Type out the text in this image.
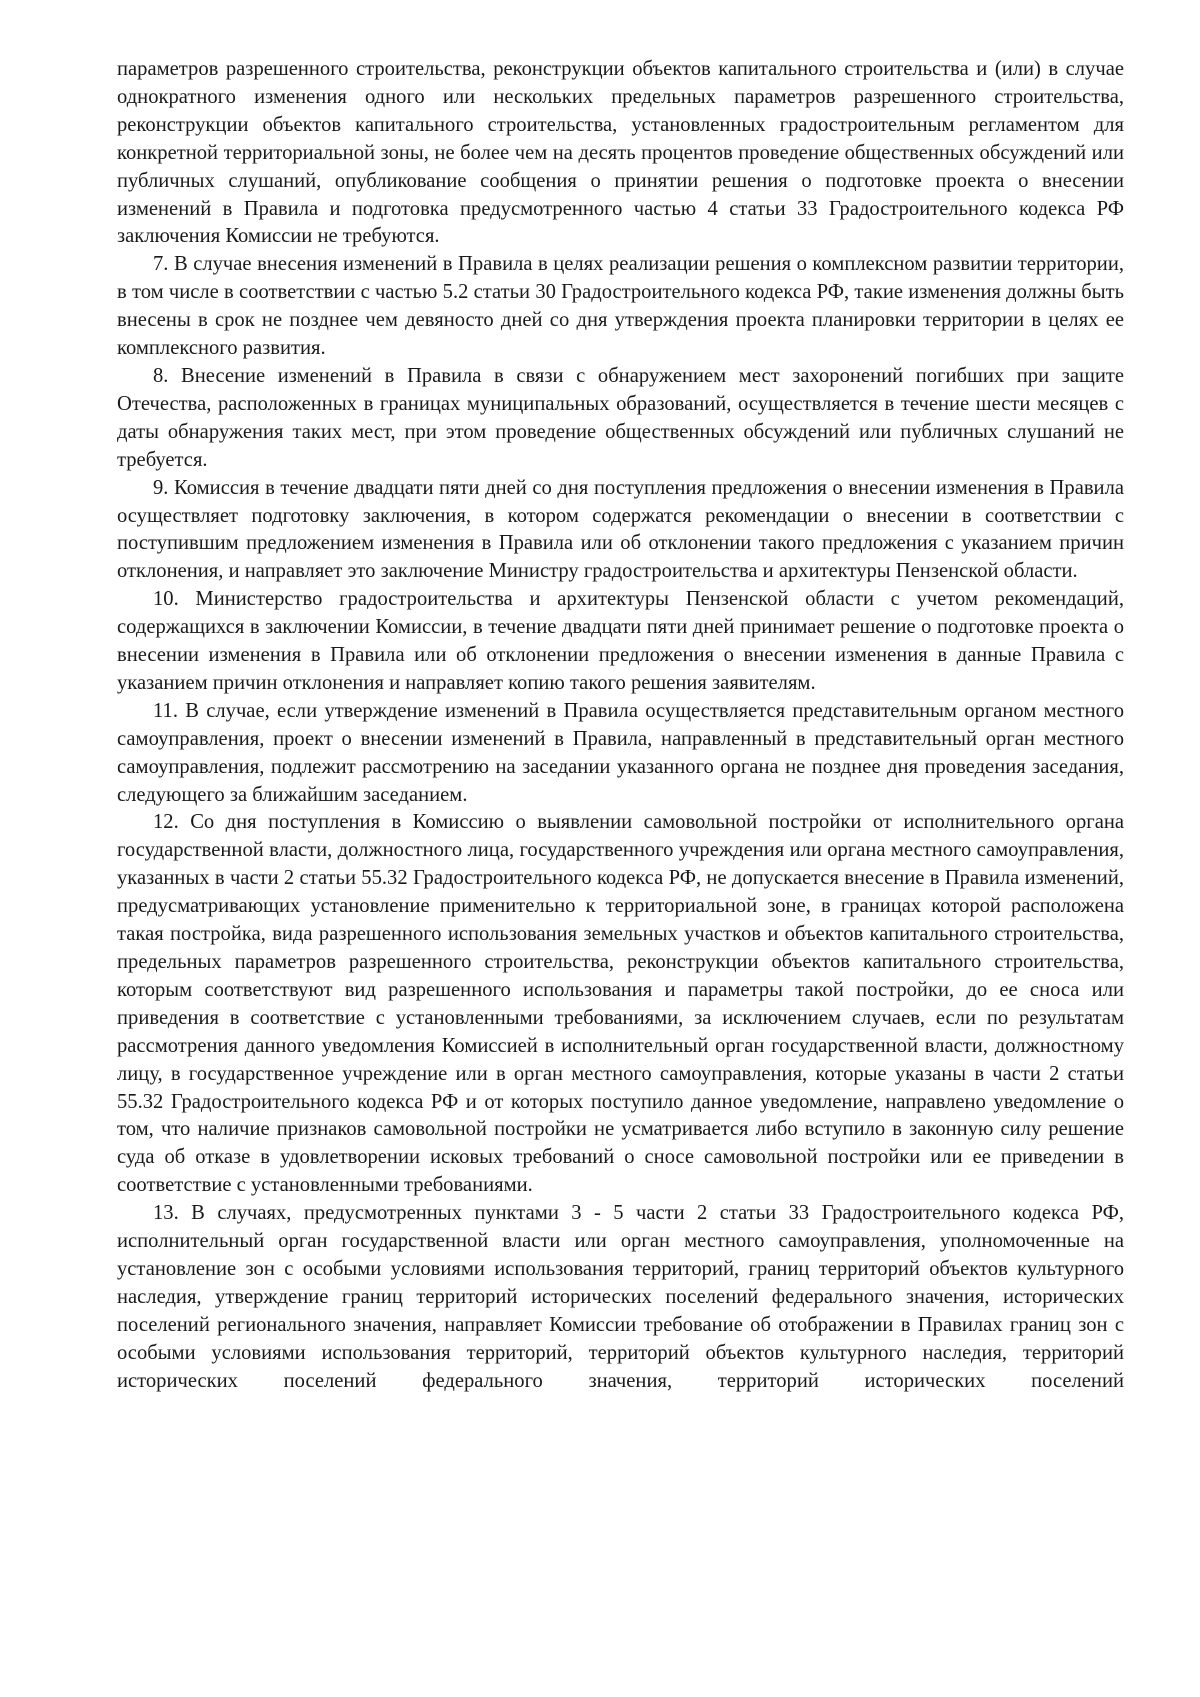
параметров разрешенного строительства, реконструкции объектов капитального строительства и (или) в случае однократного изменения одного или нескольких предельных параметров разрешенного строительства, реконструкции объектов капитального строительства, установленных градостроительным регламентом для конкретной территориальной зоны, не более чем на десять процентов проведение общественных обсуждений или публичных слушаний, опубликование сообщения о принятии решения о подготовке проекта о внесении изменений в Правила и подготовка предусмотренного частью 4 статьи 33 Градостроительного кодекса РФ заключения Комиссии не требуются.

7. В случае внесения изменений в Правила в целях реализации решения о комплексном развитии территории, в том числе в соответствии с частью 5.2 статьи 30 Градостроительного кодекса РФ, такие изменения должны быть внесены в срок не позднее чем девяносто дней со дня утверждения проекта планировки территории в целях ее комплексного развития.

8. Внесение изменений в Правила в связи с обнаружением мест захоронений погибших при защите Отечества, расположенных в границах муниципальных образований, осуществляется в течение шести месяцев с даты обнаружения таких мест, при этом проведение общественных обсуждений или публичных слушаний не требуется.

9. Комиссия в течение двадцати пяти дней со дня поступления предложения о внесении изменения в Правила осуществляет подготовку заключения, в котором содержатся рекомендации о внесении в соответствии с поступившим предложением изменения в Правила или об отклонении такого предложения с указанием причин отклонения, и направляет это заключение Министру градостроительства и архитектуры Пензенской области.

10. Министерство градостроительства и архитектуры Пензенской области с учетом рекомендаций, содержащихся в заключении Комиссии, в течение двадцати пяти дней принимает решение о подготовке проекта о внесении изменения в Правила или об отклонении предложения о внесении изменения в данные Правила с указанием причин отклонения и направляет копию такого решения заявителям.

11. В случае, если утверждение изменений в Правила осуществляется представительным органом местного самоуправления, проект о внесении изменений в Правила, направленный в представительный орган местного самоуправления, подлежит рассмотрению на заседании указанного органа не позднее дня проведения заседания, следующего за ближайшим заседанием.

12. Со дня поступления в Комиссию о выявлении самовольной постройки от исполнительного органа государственной власти, должностного лица, государственного учреждения или органа местного самоуправления, указанных в части 2 статьи 55.32 Градостроительного кодекса РФ, не допускается внесение в Правила изменений, предусматривающих установление применительно к территориальной зоне, в границах которой расположена такая постройка, вида разрешенного использования земельных участков и объектов капитального строительства, предельных параметров разрешенного строительства, реконструкции объектов капитального строительства, которым соответствуют вид разрешенного использования и параметры такой постройки, до ее сноса или приведения в соответствие с установленными требованиями, за исключением случаев, если по результатам рассмотрения данного уведомления Комиссией в исполнительный орган государственной власти, должностному лицу, в государственное учреждение или в орган местного самоуправления, которые указаны в части 2 статьи 55.32 Градостроительного кодекса РФ и от которых поступило данное уведомление, направлено уведомление о том, что наличие признаков самовольной постройки не усматривается либо вступило в законную силу решение суда об отказе в удовлетворении исковых требований о сносе самовольной постройки или ее приведении в соответствие с установленными требованиями.

13. В случаях, предусмотренных пунктами 3 - 5 части 2 статьи 33 Градостроительного кодекса РФ, исполнительный орган государственной власти или орган местного самоуправления, уполномоченные на установление зон с особыми условиями использования территорий, границ территорий объектов культурного наследия, утверждение границ территорий исторических поселений федерального значения, исторических поселений регионального значения, направляет Комиссии требование об отображении в Правилах границ зон с особыми условиями использования территорий, территорий объектов культурного наследия, территорий исторических поселений федерального значения, территорий исторических поселений
